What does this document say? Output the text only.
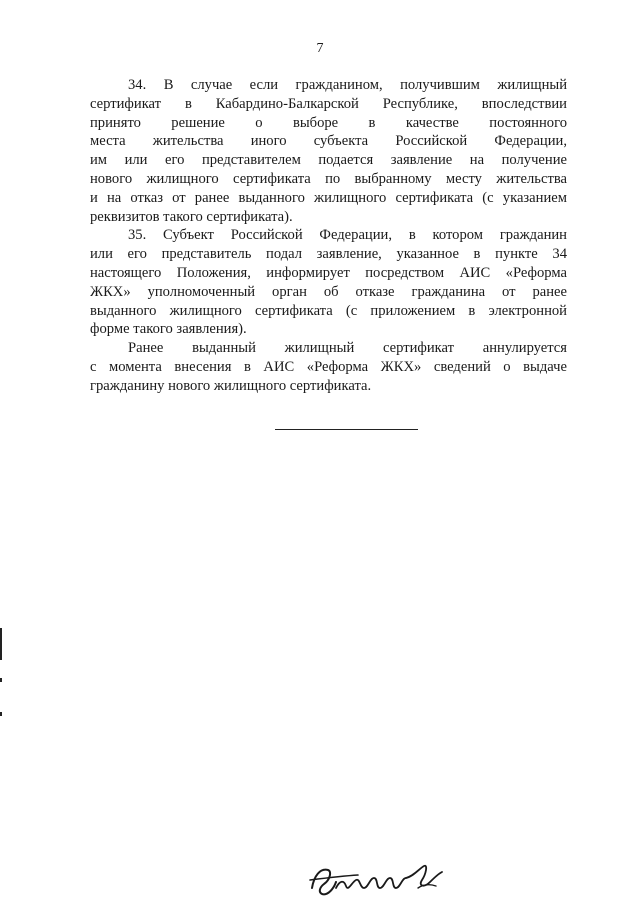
7

34. В случае если гражданином, получившим жилищный
сертификат в Кабардино-Балкарской Республике, впоследствии
принято решение о выборе в качестве постоянного
места жительства иного субъекта Российской Федерации,
им или его представителем подается заявление на получение
нового жилищного сертификата по выбранному месту жительства
и на отказ от ранее выданного жилищного сертификата (с указанием
реквизитов такого сертификата).

35. Субъект Российской Федерации, в котором гражданин
или его представитель подал заявление, указанное в пункте 34
настоящего Положения, информирует посредством АИС «Реформа
ЖКХ» уполномоченный орган об отказе гражданина от ранее
выданного жилищного сертификата (с приложением в электронной
форме такого заявления).

Ранее выданный жилищный сертификат аннулируется
с момента внесения в АИС «Реформа ЖКХ» сведений о выдаче
гражданину нового жилищного сертификата.
